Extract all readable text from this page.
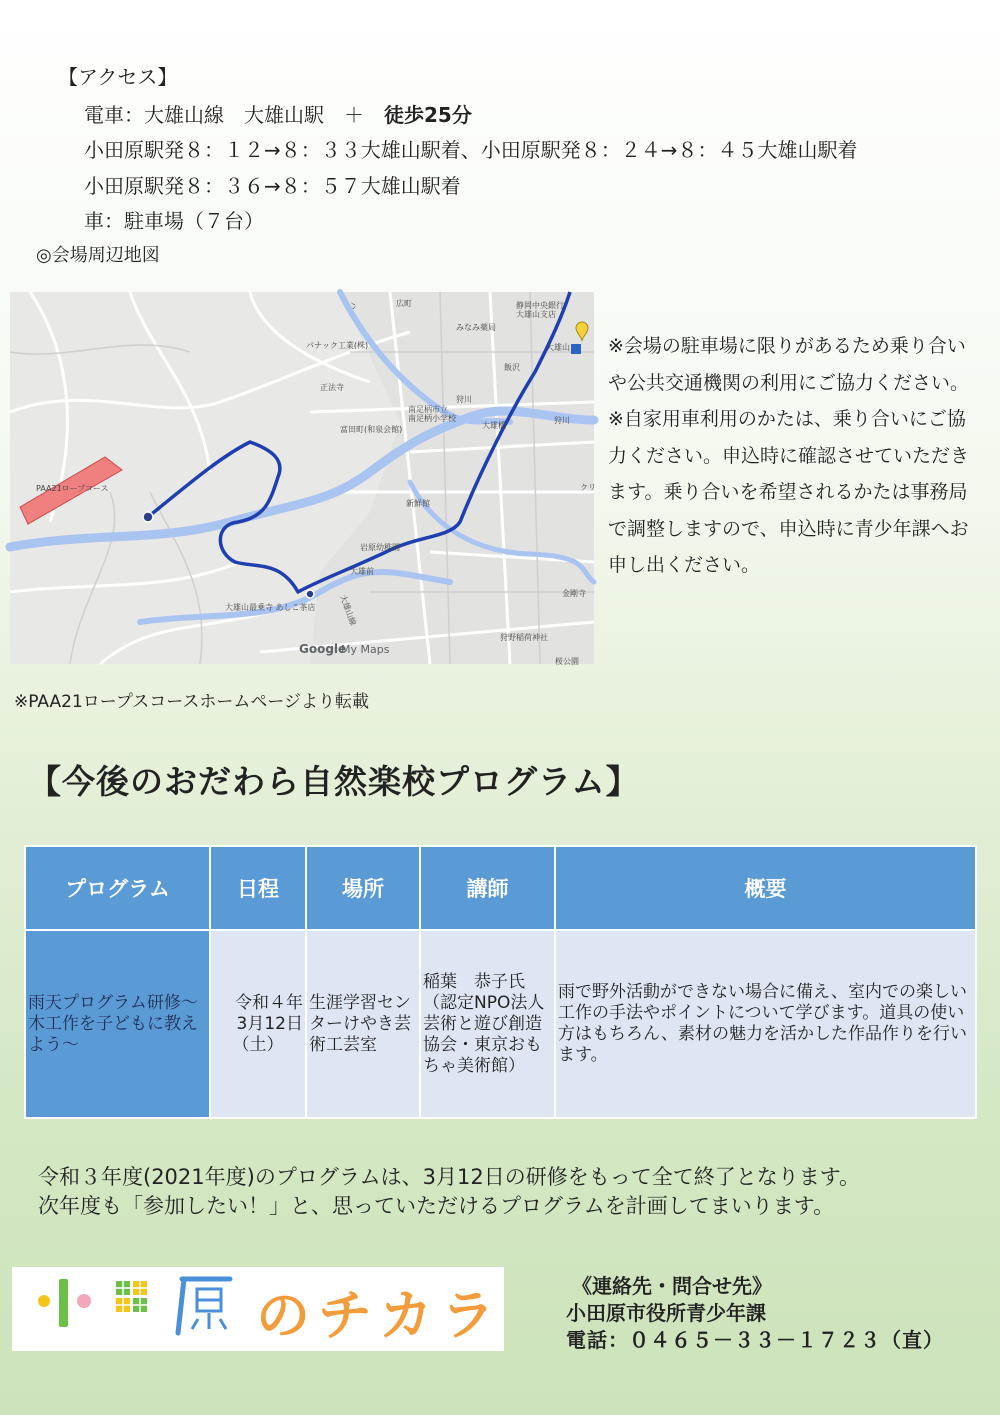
【アクセス】
電車：大雄山線　大雄山駅　＋　徒歩25分
小田原駅発８：１２→８：３３大雄山駅着、小田原駅発８：２４→８：４５大雄山駅着
小田原駅発８：３６→８：５７大雄山駅着
車：駐車場（７台）
◎会場周辺地図
広町	静岡中央銀行大雄山支店
みなみ薬局
パナック工業(株)
飯沢
大雄山
正法寺
狩川
狩川
南足柄市立南足柄小学校
大雄橋
富田町(和泉会館)
PAA21ロープコース
新鮮館
クリ
岩原幼稚園
大雄前
大雄山線
大雄山最乗寺 あしこ茶店
金剛寺
狩野稲荷神社
桜公園
ハ
Google
My Maps
※会場の駐車場に限りがあるため乗り合いや公共交通機関の利用にご協力ください。※自家用車利用のかたは、乗り合いにご協力ください。申込時に確認させていただきます。乗り合いを希望されるかたは事務局で調整しますので、申込時に青少年課へお申し出ください。
※PAA21ロープスコースホームページより転載
【今後のおだわら自然楽校プログラム】
プログラム	日程	場所	講師	概要
雨天プログラム研修～木工作を子どもに教えよう～	令和４年
3月12日
（土）	生涯学習センターけやき芸術工芸室	稲葉　恭子氏（認定NPO法人芸術と遊び創造協会・東京おもちゃ美術館）	雨で野外活動ができない場合に備え、室内での楽しい工作の手法やポイントについて学びます。道具の使い方はもちろん、素材の魅力を活かした作品作りを行います。
令和３年度(2021年度)のプログラムは、3月12日の研修をもって全て終了となります。
次年度も「参加したい！」と、思っていただけるプログラムを計画してまいります。
のチカラ	《連絡先・問合せ先》
小田原市役所青少年課
電話：０４６５－３３－１７２３（直）
